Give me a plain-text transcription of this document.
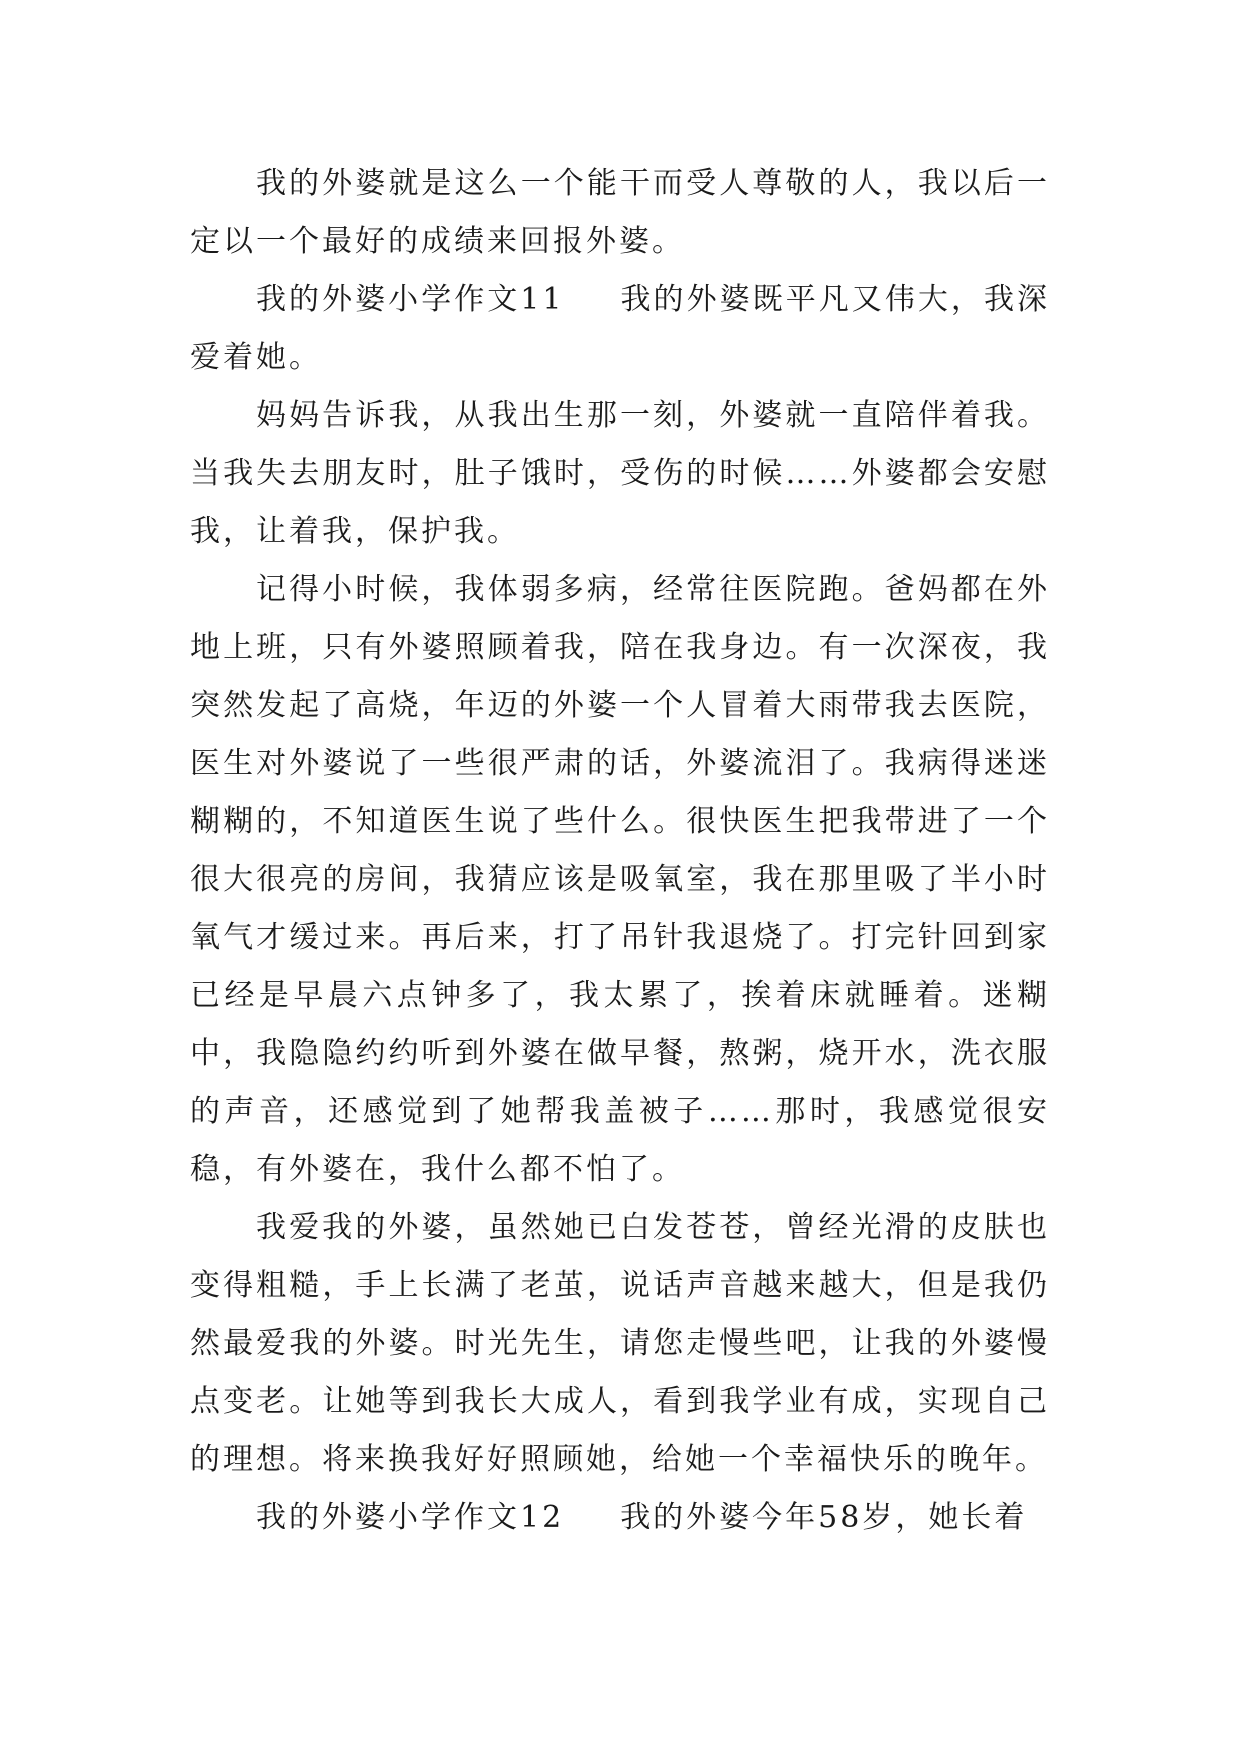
我的外婆就是这么一个能干而受人尊敬的人，我以后一定以一个最好的成绩来回报外婆。

我的外婆小学作文11 我的外婆既平凡又伟大，我深爱着她。

妈妈告诉我，从我出生那一刻，外婆就一直陪伴着我。当我失去朋友时，肚子饿时，受伤的时候……外婆都会安慰我，让着我，保护我。

记得小时候，我体弱多病，经常往医院跑。爸妈都在外地上班，只有外婆照顾着我，陪在我身边。有一次深夜，我突然发起了高烧，年迈的外婆一个人冒着大雨带我去医院，医生对外婆说了一些很严肃的话，外婆流泪了。我病得迷迷糊糊的，不知道医生说了些什么。很快医生把我带进了一个很大很亮的房间，我猜应该是吸氧室，我在那里吸了半小时氧气才缓过来。再后来，打了吊针我退烧了。打完针回到家已经是早晨六点钟多了，我太累了，挨着床就睡着。迷糊中，我隐隐约约听到外婆在做早餐，熬粥，烧开水，洗衣服的声音，还感觉到了她帮我盖被子……那时，我感觉很安稳，有外婆在，我什么都不怕了。

我爱我的外婆，虽然她已白发苍苍，曾经光滑的皮肤也变得粗糙，手上长满了老茧，说话声音越来越大，但是我仍然最爱我的外婆。时光先生，请您走慢些吧，让我的外婆慢点变老。让她等到我长大成人，看到我学业有成，实现自己的理想。将来换我好好照顾她，给她一个幸福快乐的晚年。

我的外婆小学作文12 我的外婆今年58岁，她长着
